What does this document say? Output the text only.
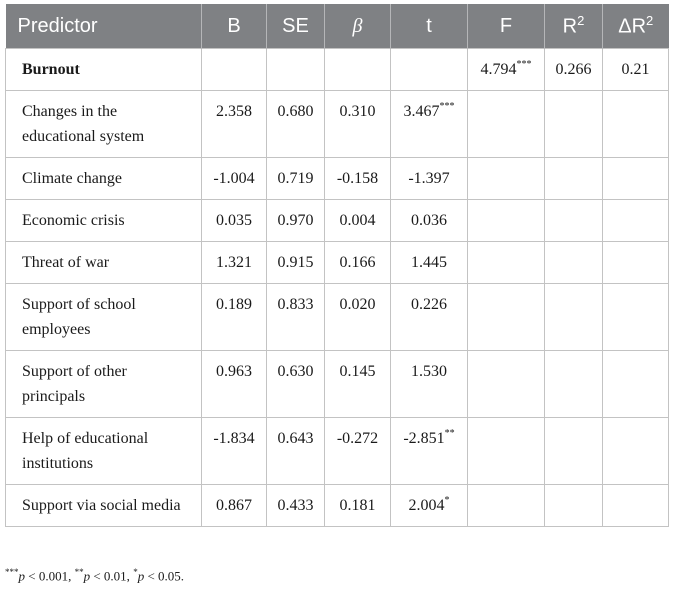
Predictor	B	SE	β	t	F	$R^2$	$\Delta R^2$
Burnout					4.794***	0.266	0.21
Changes in the educational system	2.358	0.680	0.310	3.467***			
Climate change	-1.004	0.719	-0.158	-1.397			
Economic crisis	0.035	0.970	0.004	0.036			
Threat of war	1.321	0.915	0.166	1.445			
Support of school employees	0.189	0.833	0.020	0.226			
Support of other principals	0.963	0.630	0.145	1.530			
Help of educational institutions	-1.834	0.643	-0.272	-2.851**			
Support via social media	0.867	0.433	0.181	2.004*			
***p < 0.001, **p < 0.01, *p < 0.05.
